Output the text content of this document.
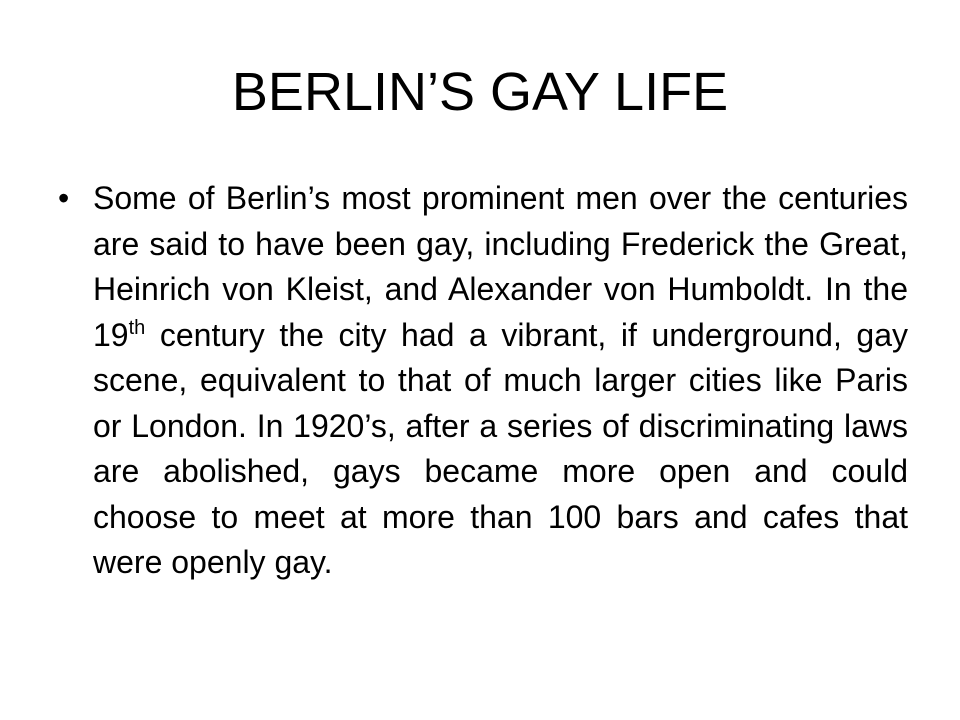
BERLIN’S GAY LIFE
• Some of Berlin’s most prominent men over the centuries are said to have been gay, including Frederick the Great, Heinrich von Kleist, and Alexander von Humboldt. In the 19th century the city had a vibrant, if underground, gay scene, equivalent to that of much larger cities like Paris or London. In 1920’s, after a series of discriminating laws are abolished, gays became more open and could choose to meet at more than 100 bars and cafes that were openly gay.
